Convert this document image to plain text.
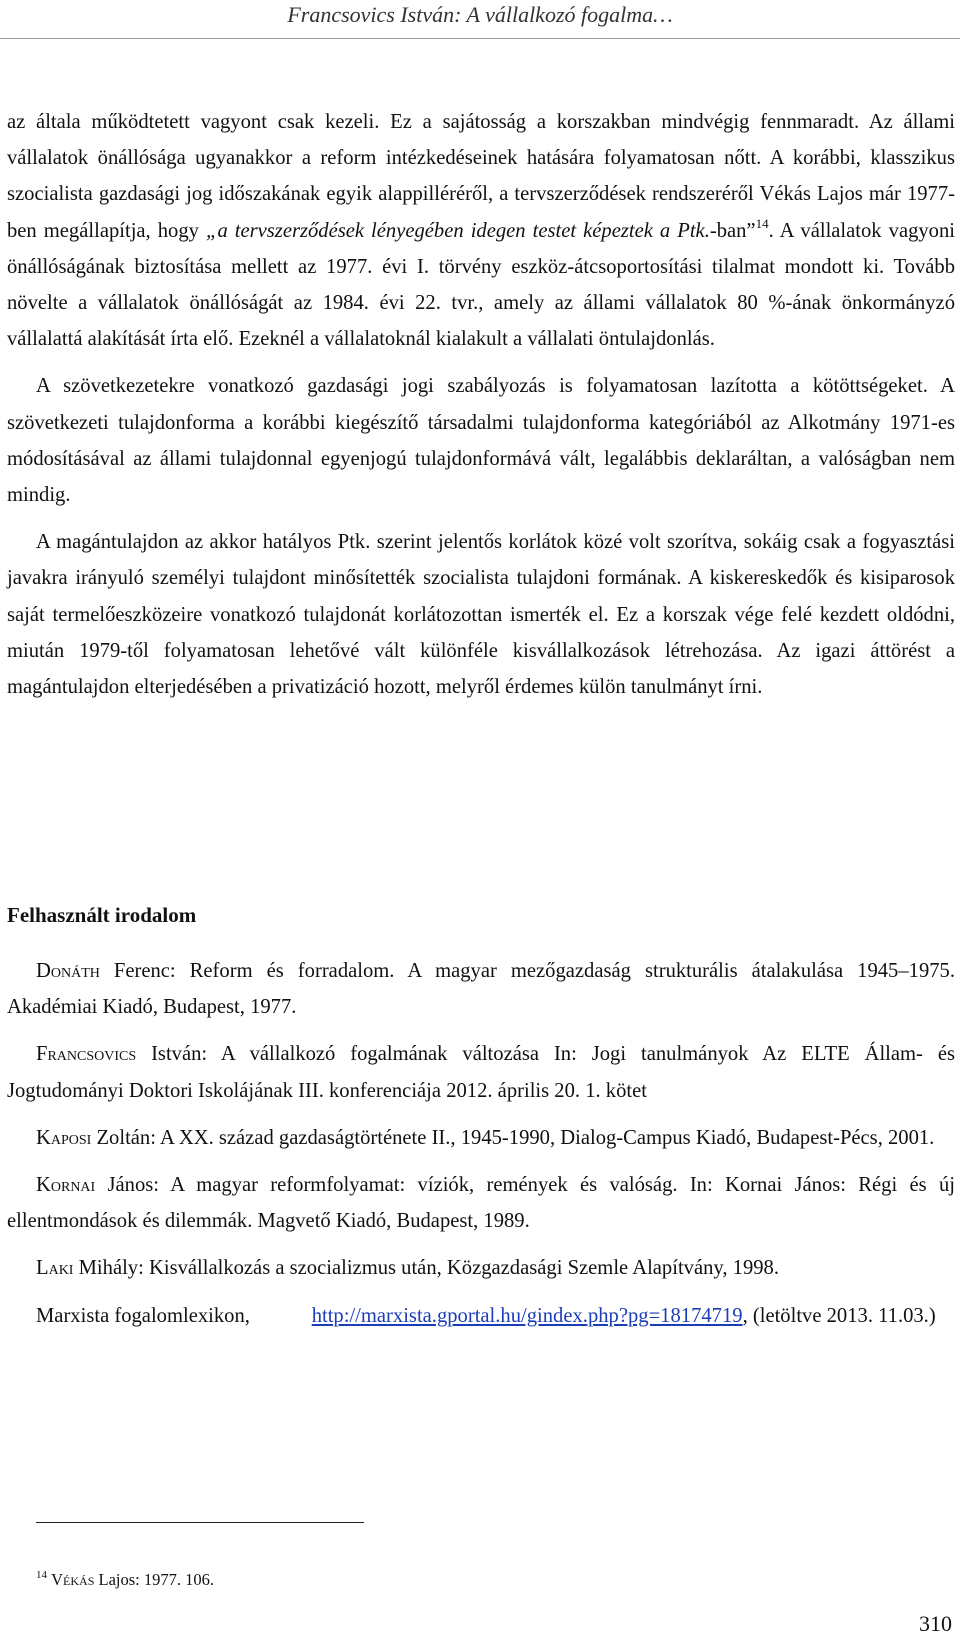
Francsovics István: A vállalkozó fogalma…

az általa működtetett vagyont csak kezeli. Ez a sajátosság a korszakban mindvégig fennmaradt. Az állami vállalatok önállósága ugyanakkor a reform intézkedéseinek hatására folyamatosan nőtt. A korábbi, klasszikus szocialista gazdasági jog időszakának egyik alappilléréről, a tervszerződések rendszeréről Vékás Lajos már 1977-ben megállapítja, hogy „a tervszerződések lényegében idegen testet képeztek a Ptk.-ban”$^{14}$. A vállalatok vagyoni önállóságának biztosítása mellett az 1977. évi I. törvény eszköz-átcsoportosítási tilalmat mondott ki. Tovább növelte a vállalatok önállóságát az 1984. évi 22. tvr., amely az állami vállalatok 80 %-ának önkormányzó vállalattá alakítását írta elő. Ezeknél a vállalatoknál kialakult a vállalati öntulajdonlás.

A szövetkezetekre vonatkozó gazdasági jogi szabályozás is folyamatosan lazította a kötöttségeket. A szövetkezeti tulajdonforma a korábbi kiegészítő társadalmi tulajdonforma kategóriából az Alkotmány 1971-es módosításával az állami tulajdonnal egyenjogú tulajdonformává vált, legalábbis deklaráltan, a valóságban nem mindig.

A magántulajdon az akkor hatályos Ptk. szerint jelentős korlátok közé volt szorítva, sokáig csak a fogyasztási javakra irányuló személyi tulajdont minősítették szocialista tulajdoni formának. A kiskereskedők és kisiparosok saját termelőeszközeire vonatkozó tulajdonát korlátozottan ismerték el. Ez a korszak vége felé kezdett oldódni, miután 1979-től folyamatosan lehetővé vált különféle kisvállalkozások létrehozása. Az igazi áttörést a magántulajdon elterjedésében a privatizáció hozott, melyről érdemes külön tanulmányt írni.

Felhasznált irodalom

Donáth Ferenc: Reform és forradalom. A magyar mezőgazdaság strukturális átalakulása 1945–1975. Akadémiai Kiadó, Budapest, 1977.

Francsovics István: A vállalkozó fogalmának változása In: Jogi tanulmányok Az ELTE Állam- és Jogtudományi Doktori Iskolájának III. konferenciája 2012. április 20. 1. kötet

Kaposi Zoltán: A XX. század gazdaságtörténete II., 1945-1990, Dialog-Campus Kiadó, Budapest-Pécs, 2001.

Kornai János: A magyar reformfolyamat: víziók, remények és valóság. In: Kornai János: Régi és új ellentmondások és dilemmák. Magvető Kiadó, Budapest, 1989.

Laki Mihály: Kisvállalkozás a szocializmus után, Közgazdasági Szemle Alapítvány, 1998.

Marxista fogalomlexikon,	http://marxista.gportal.hu/gindex.php?pg=18174719, (letöltve 2013. 11.03.)

$^{14}$ Vékás Lajos: 1977. 106.
310
